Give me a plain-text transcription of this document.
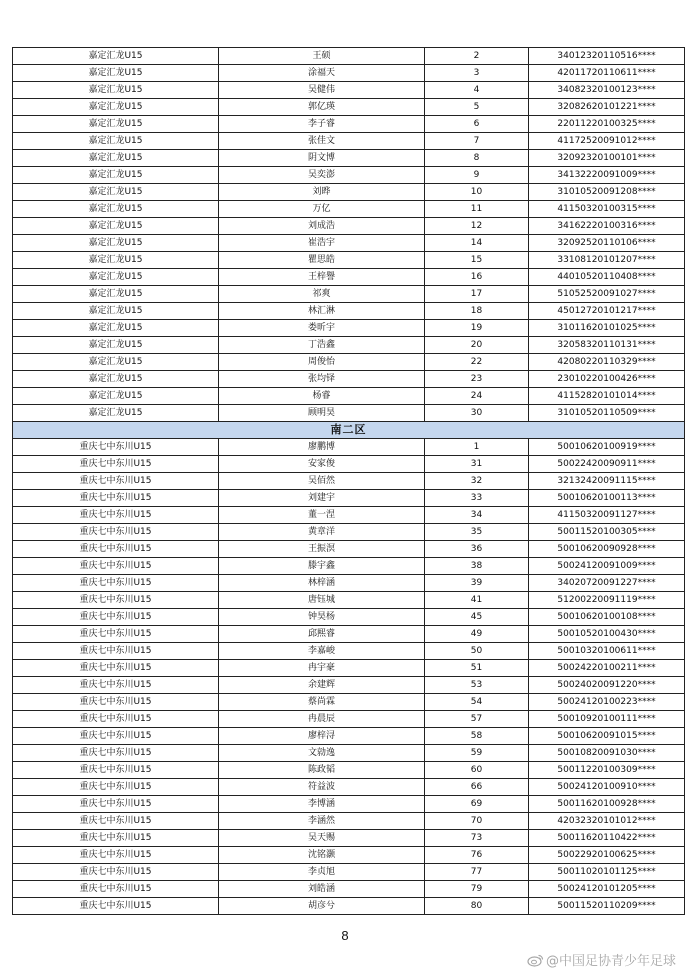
嘉定汇龙U15	王硕	2	34012320110516****
嘉定汇龙U15	涂福天	3	42011720110611****
嘉定汇龙U15	吴健伟	4	34082320100123****
嘉定汇龙U15	郭亿瑛	5	32082620101221****
嘉定汇龙U15	李子睿	6	22011220100325****
嘉定汇龙U15	张佳文	7	41172520091012****
嘉定汇龙U15	阴文博	8	32092320100101****
嘉定汇龙U15	吴奕澎	9	34132220091009****
嘉定汇龙U15	刘晔	10	31010520091208****
嘉定汇龙U15	万亿	11	41150320100315****
嘉定汇龙U15	刘成浩	12	34162220100316****
嘉定汇龙U15	崔浩宇	14	32092520110106****
嘉定汇龙U15	瞿思皓	15	33108120101207****
嘉定汇龙U15	王梓譽	16	44010520110408****
嘉定汇龙U15	祁爽	17	51052520091027****
嘉定汇龙U15	林汇淋	18	45012720101217****
嘉定汇龙U15	娄昕宇	19	31011620101025****
嘉定汇龙U15	丁浩鑫	20	32058320110131****
嘉定汇龙U15	周俊怡	22	42080220110329****
嘉定汇龙U15	张均铎	23	23010220100426****
嘉定汇龙U15	杨睿	24	41152820101014****
嘉定汇龙U15	顾明昊	30	31010520110509****
南二区			
重庆七中东川U15	廖鹏博	1	50010620100919****
重庆七中东川U15	安家俊	31	50022420090911****
重庆七中东川U15	吴佰然	32	32132420091115****
重庆七中东川U15	刘建宇	33	50010620100113****
重庆七中东川U15	董一涅	34	41150320091127****
重庆七中东川U15	黄章洋	35	50011520100305****
重庆七中东川U15	王振溟	36	50010620090928****
重庆七中东川U15	滕宇鑫	38	50024120091009****
重庆七中东川U15	林梓涵	39	34020720091227****
重庆七中东川U15	唐钰城	41	51200220091119****
重庆七中东川U15	钟昊杨	45	50010620100108****
重庆七中东川U15	邱熙睿	49	50010520100430****
重庆七中东川U15	李嘉峻	50	50010320100611****
重庆七中东川U15	冉宇豪	51	50024220100211****
重庆七中东川U15	余建辉	53	50024020091220****
重庆七中东川U15	蔡尚霖	54	50024120100223****
重庆七中东川U15	冉晨辰	57	50010920100111****
重庆七中东川U15	廖梓浔	58	50010620091015****
重庆七中东川U15	文勍逸	59	50010820091030****
重庆七中东川U15	陈政韬	60	50011220100309****
重庆七中东川U15	符益波	66	50024120100910****
重庆七中东川U15	李博涵	69	50011620100928****
重庆七中东川U15	李涵然	70	42032320101012****
重庆七中东川U15	吴天赐	73	50011620110422****
重庆七中东川U15	沈铭灏	76	50022920100625****
重庆七中东川U15	李贞旭	77	50011020101125****
重庆七中东川U15	刘皓涵	79	50024120101205****
重庆七中东川U15	胡彦兮	80	50011520110209****
8
@中国足协青少年足球
